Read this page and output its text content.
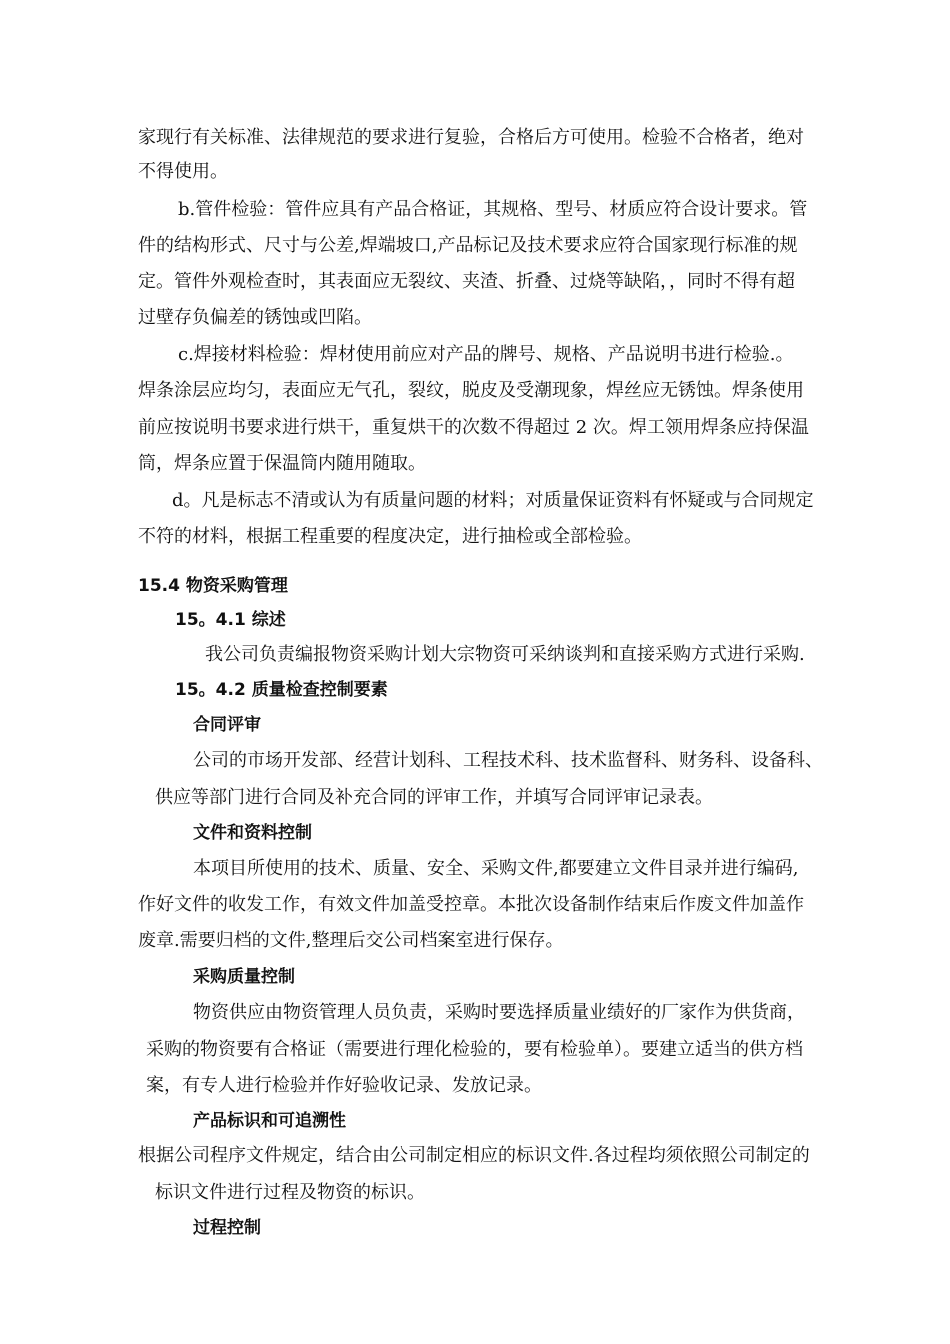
家现行有关标准、法律规范的要求进行复验，合格后方可使用。检验不合格者，绝对
不得使用。
b.管件检验：管件应具有产品合格证，其规格、型号、材质应符合设计要求。管
件的结构形式、尺寸与公差,焊端坡口,产品标记及技术要求应符合国家现行标准的规
定。管件外观检查时，其表面应无裂纹、夹渣、折叠、过烧等缺陷，，同时不得有超
过壁存负偏差的锈蚀或凹陷。
c.焊接材料检验：焊材使用前应对产品的牌号、规格、产品说明书进行检验.。
焊条涂层应均匀，表面应无气孔，裂纹，脱皮及受潮现象，焊丝应无锈蚀。焊条使用
前应按说明书要求进行烘干，重复烘干的次数不得超过 2 次。焊工领用焊条应持保温
筒，焊条应置于保温筒内随用随取。
d。凡是标志不清或认为有质量问题的材料；对质量保证资料有怀疑或与合同规定
不符的材料，根据工程重要的程度决定，进行抽检或全部检验。
15.4 物资采购管理
15。4.1 综述
我公司负责编报物资采购计划大宗物资可采纳谈判和直接采购方式进行采购.
15。4.2 质量检查控制要素
合同评审
公司的市场开发部、经营计划科、工程技术科、技术监督科、财务科、设备科、
供应等部门进行合同及补充合同的评审工作，并填写合同评审记录表。
文件和资料控制
本项目所使用的技术、质量、安全、采购文件,都要建立文件目录并进行编码,
作好文件的收发工作，有效文件加盖受控章。本批次设备制作结束后作废文件加盖作
废章.需要归档的文件,整理后交公司档案室进行保存。
采购质量控制
物资供应由物资管理人员负责，采购时要选择质量业绩好的厂家作为供货商，
采购的物资要有合格证（需要进行理化检验的，要有检验单）。要建立适当的供方档
案，有专人进行检验并作好验收记录、发放记录。
产品标识和可追溯性
根据公司程序文件规定，结合由公司制定相应的标识文件.各过程均须依照公司制定的
标识文件进行过程及物资的标识。
过程控制
